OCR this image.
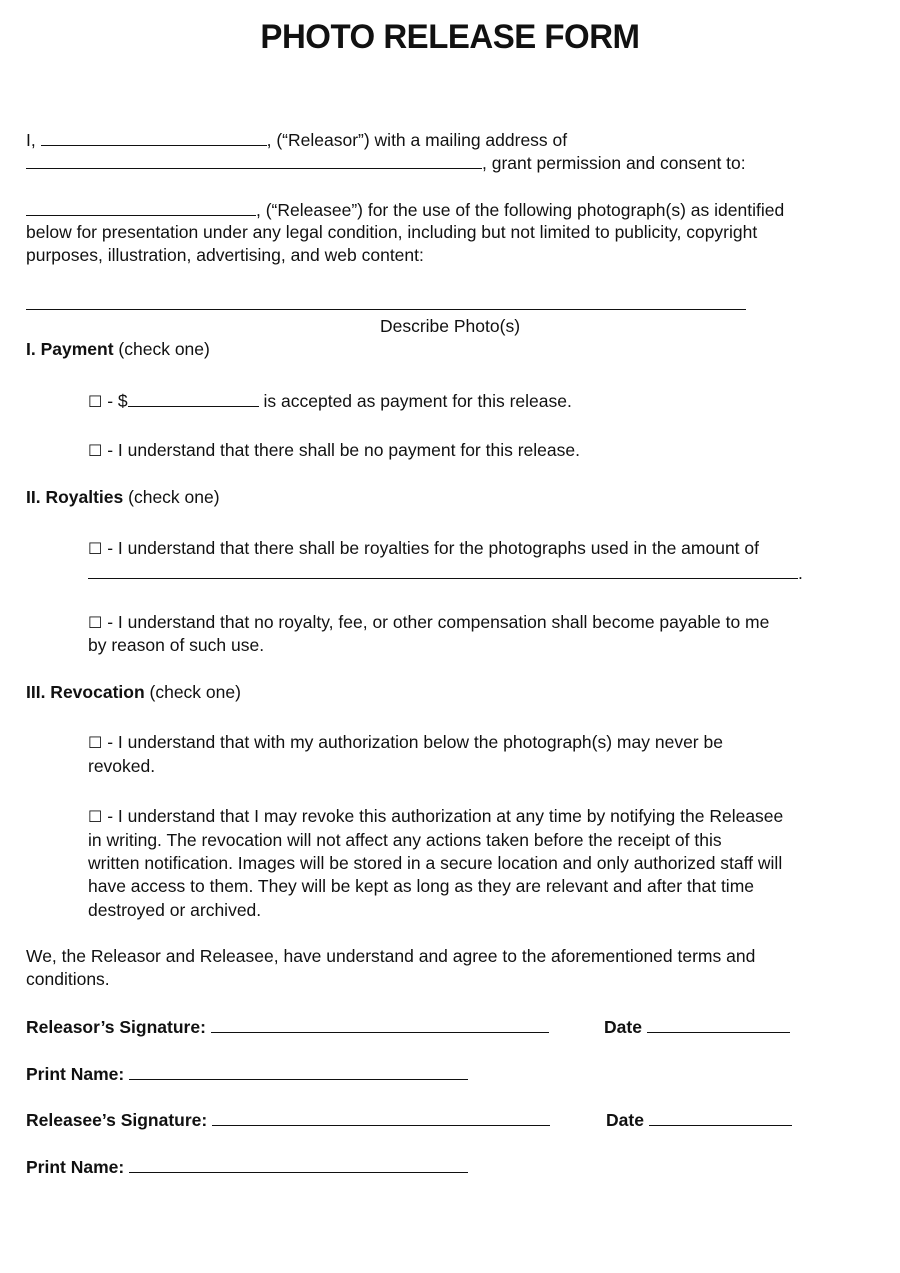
PHOTO RELEASE FORM
I,	, (“Releasor”) with a mailing address of
, grant permission and consent to:
, (“Releasee”) for the use of the following photograph(s) as identified
below for presentation under any legal condition, including but not limited to publicity, copyright
purposes, illustration, advertising, and web content:
Describe Photo(s)
I. Payment (check one)
☐ - $	is accepted as payment for this release.
☐ - I understand that there shall be no payment for this release.
II. Royalties (check one)
☐ - I understand that there shall be royalties for the photographs used in the amount of
.
☐ - I understand that no royalty, fee, or other compensation shall become payable to me
by reason of such use.
III. Revocation (check one)
☐ - I understand that with my authorization below the photograph(s) may never be
revoked.
☐ - I understand that I may revoke this authorization at any time by notifying the Releasee
in writing. The revocation will not affect any actions taken before the receipt of this
written notification. Images will be stored in a secure location and only authorized staff will
have access to them. They will be kept as long as they are relevant and after that time
destroyed or archived.
We, the Releasor and Releasee, have understand and agree to the aforementioned terms and
conditions.
Releasor’s Signature:	Date
Print Name:
Releasee’s Signature:	Date
Print Name:
